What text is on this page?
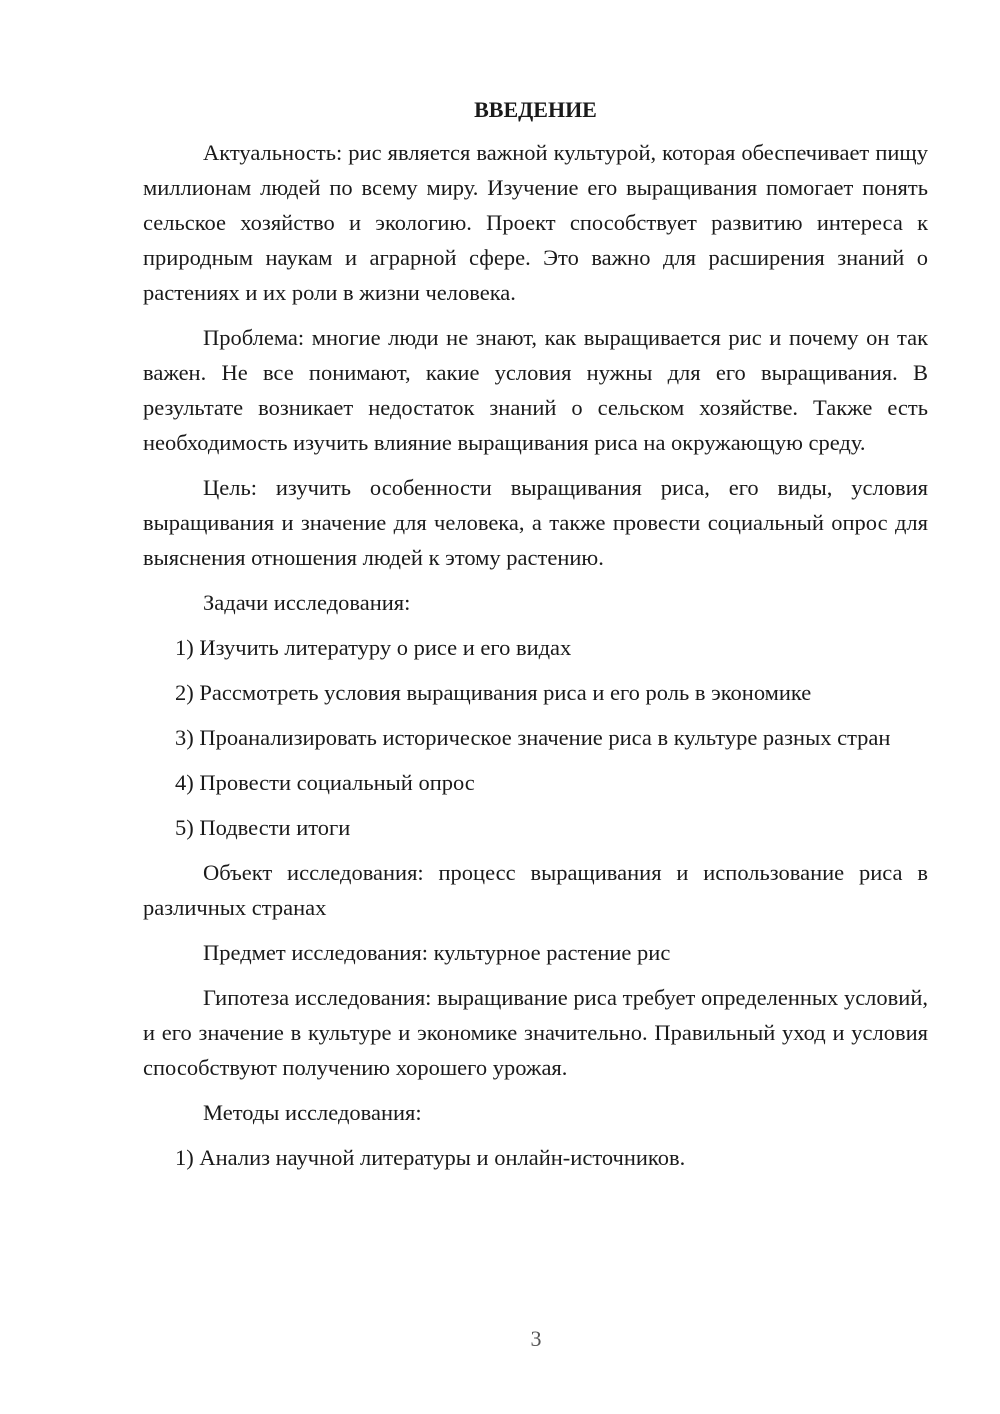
ВВЕДЕНИЕ

Актуальность: рис является важной культурой, которая обеспечивает пищу миллионам людей по всему миру. Изучение его выращивания помогает понять сельское хозяйство и экологию. Проект способствует развитию интереса к природным наукам и аграрной сфере. Это важно для расширения знаний о растениях и их роли в жизни человека.

Проблема: многие люди не знают, как выращивается рис и почему он так важен. Не все понимают, какие условия нужны для его выращивания. В результате возникает недостаток знаний о сельском хозяйстве. Также есть необходимость изучить влияние выращивания риса на окружающую среду.

Цель: изучить особенности выращивания риса, его виды, условия выращивания и значение для человека, а также провести социальный опрос для выяснения отношения людей к этому растению.

Задачи исследования:

1) Изучить литературу о рисе и его видах

2) Рассмотреть условия выращивания риса и его роль в экономике

3) Проанализировать историческое значение риса в культуре разных стран

4) Провести социальный опрос

5) Подвести итоги

Объект исследования: процесс выращивания и использование риса в различных странах

Предмет исследования: культурное растение рис

Гипотеза исследования: выращивание риса требует определенных условий, и его значение в культуре и экономике значительно. Правильный уход и условия способствуют получению хорошего урожая.

Методы исследования:

1) Анализ научной литературы и онлайн-источников.

3
